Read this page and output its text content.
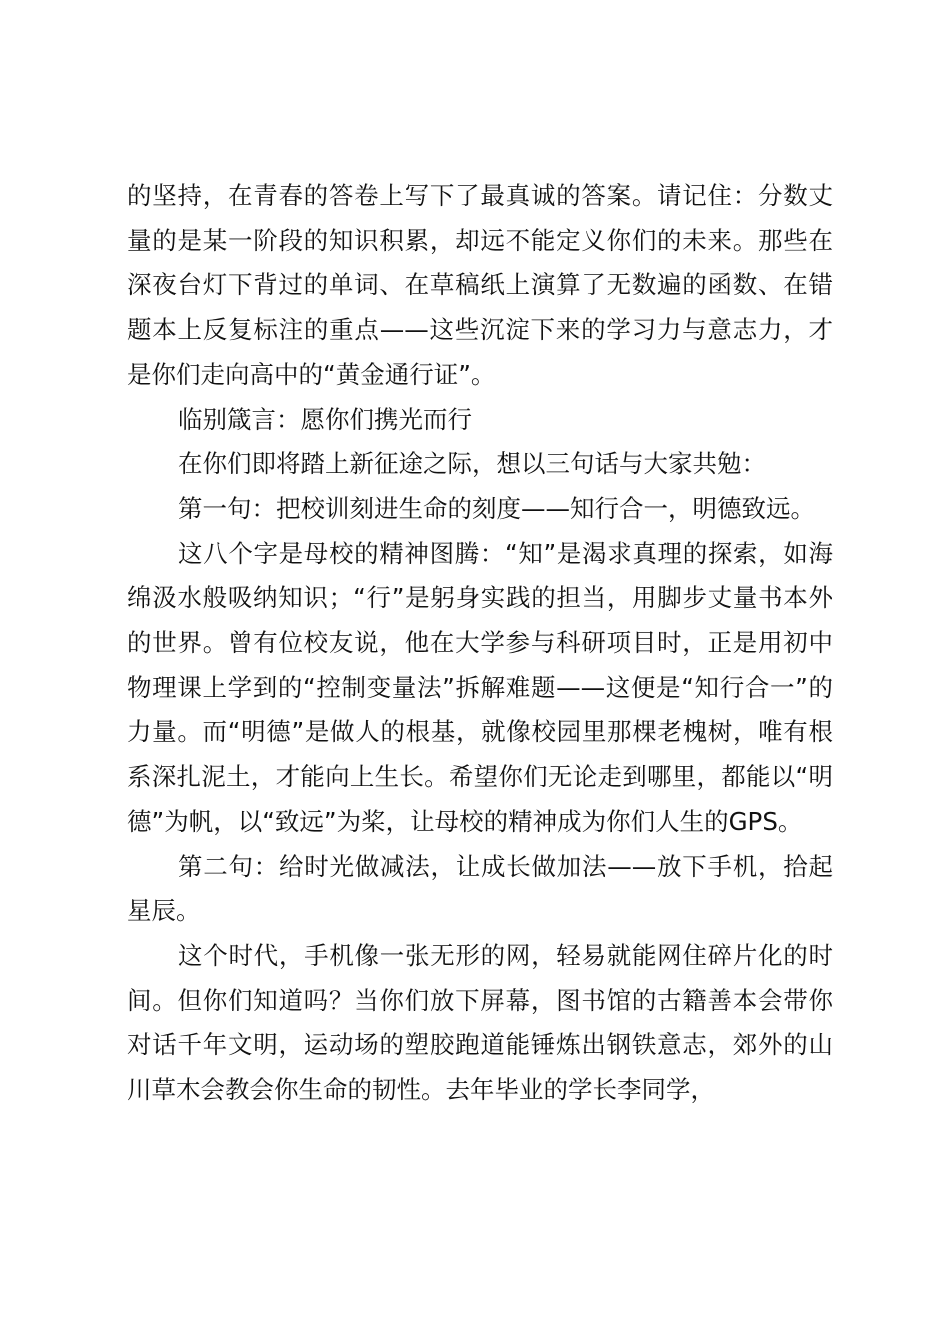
的坚持，在青春的答卷上写下了最真诚的答案。请记住：分数丈量的是某一阶段的知识积累，却远不能定义你们的未来。那些在深夜台灯下背过的单词、在草稿纸上演算了无数遍的函数、在错题本上反复标注的重点——这些沉淀下来的学习力与意志力，才是你们走向高中的“黄金通行证”。

临别箴言：愿你们携光而行

在你们即将踏上新征途之际，想以三句话与大家共勉：

第一句：把校训刻进生命的刻度——知行合一，明德致远。

这八个字是母校的精神图腾：“知”是渴求真理的探索，如海绵汲水般吸纳知识；“行”是躬身实践的担当，用脚步丈量书本外的世界。曾有位校友说，他在大学参与科研项目时，正是用初中物理课上学到的“控制变量法”拆解难题——这便是“知行合一”的力量。而“明德”是做人的根基，就像校园里那棵老槐树，唯有根系深扎泥土，才能向上生长。希望你们无论走到哪里，都能以“明德”为帆，以“致远”为桨，让母校的精神成为你们人生的GPS。

第二句：给时光做减法，让成长做加法——放下手机，拾起星辰。

这个时代，手机像一张无形的网，轻易就能网住碎片化的时间。但你们知道吗？当你们放下屏幕，图书馆的古籍善本会带你对话千年文明，运动场的塑胶跑道能锤炼出钢铁意志，郊外的山川草木会教会你生命的韧性。去年毕业的学长李同学，
